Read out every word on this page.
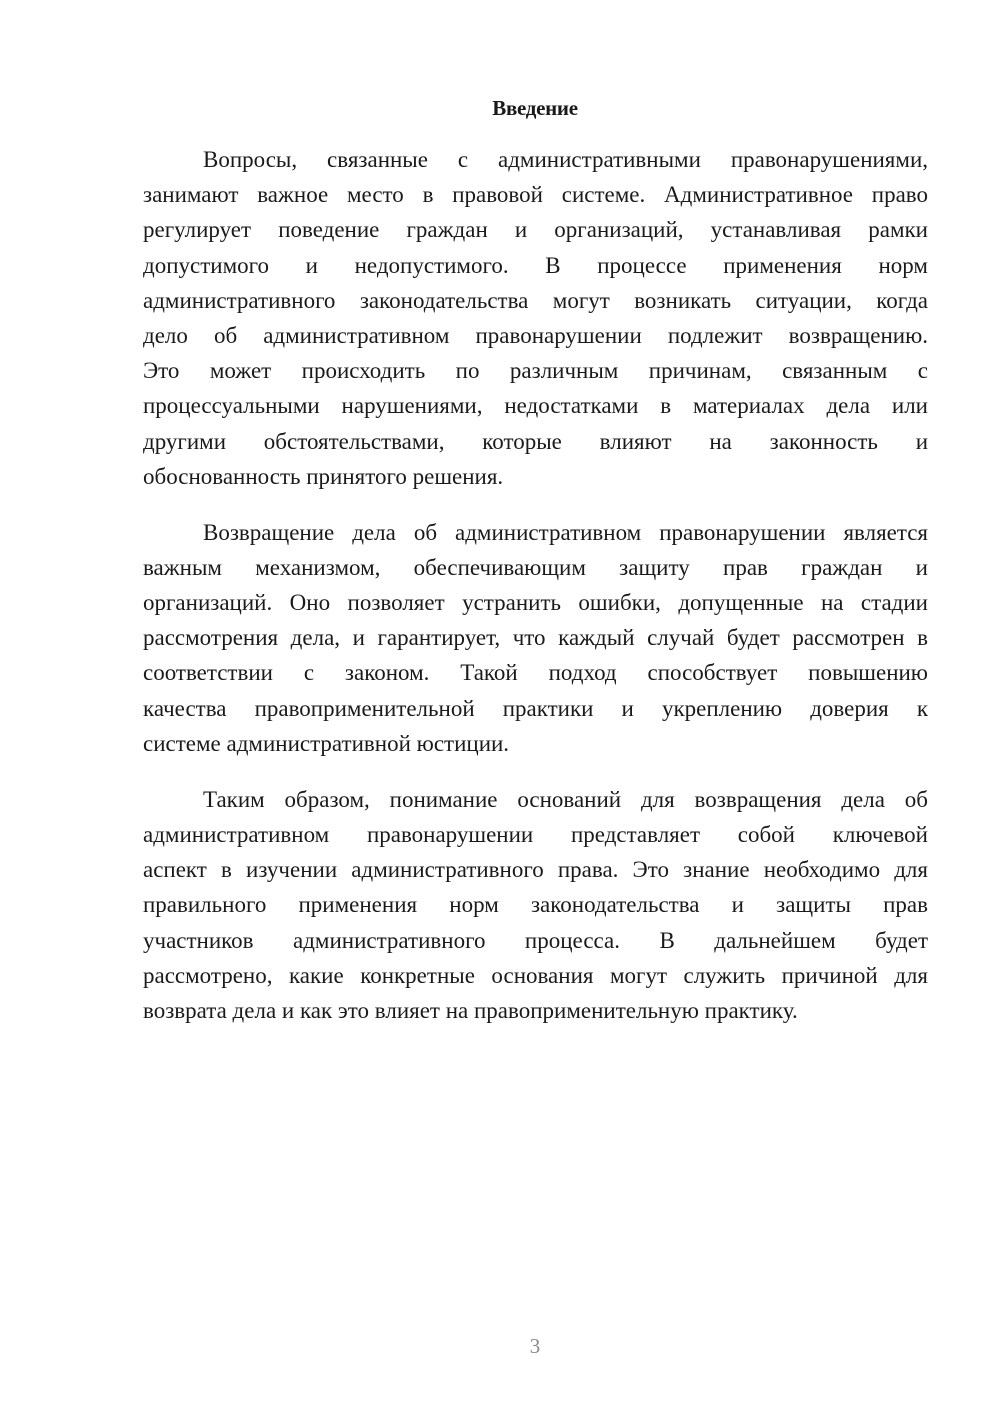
Введение
Вопросы, связанные с административными правонарушениями,
занимают важное место в правовой системе. Административное право
регулирует поведение граждан и организаций, устанавливая рамки
допустимого и недопустимого. В процессе применения норм
административного законодательства могут возникать ситуации, когда
дело об административном правонарушении подлежит возвращению.
Это может происходить по различным причинам, связанным с
процессуальными нарушениями, недостатками в материалах дела или
другими обстоятельствами, которые влияют на законность и
обоснованность принятого решения.
Возвращение дела об административном правонарушении является
важным механизмом, обеспечивающим защиту прав граждан и
организаций. Оно позволяет устранить ошибки, допущенные на стадии
рассмотрения дела, и гарантирует, что каждый случай будет рассмотрен в
соответствии с законом. Такой подход способствует повышению
качества правоприменительной практики и укреплению доверия к
системе административной юстиции.
Таким образом, понимание оснований для возвращения дела об
административном правонарушении представляет собой ключевой
аспект в изучении административного права. Это знание необходимо для
правильного применения норм законодательства и защиты прав
участников административного процесса. В дальнейшем будет
рассмотрено, какие конкретные основания могут служить причиной для
возврата дела и как это влияет на правоприменительную практику.
3
